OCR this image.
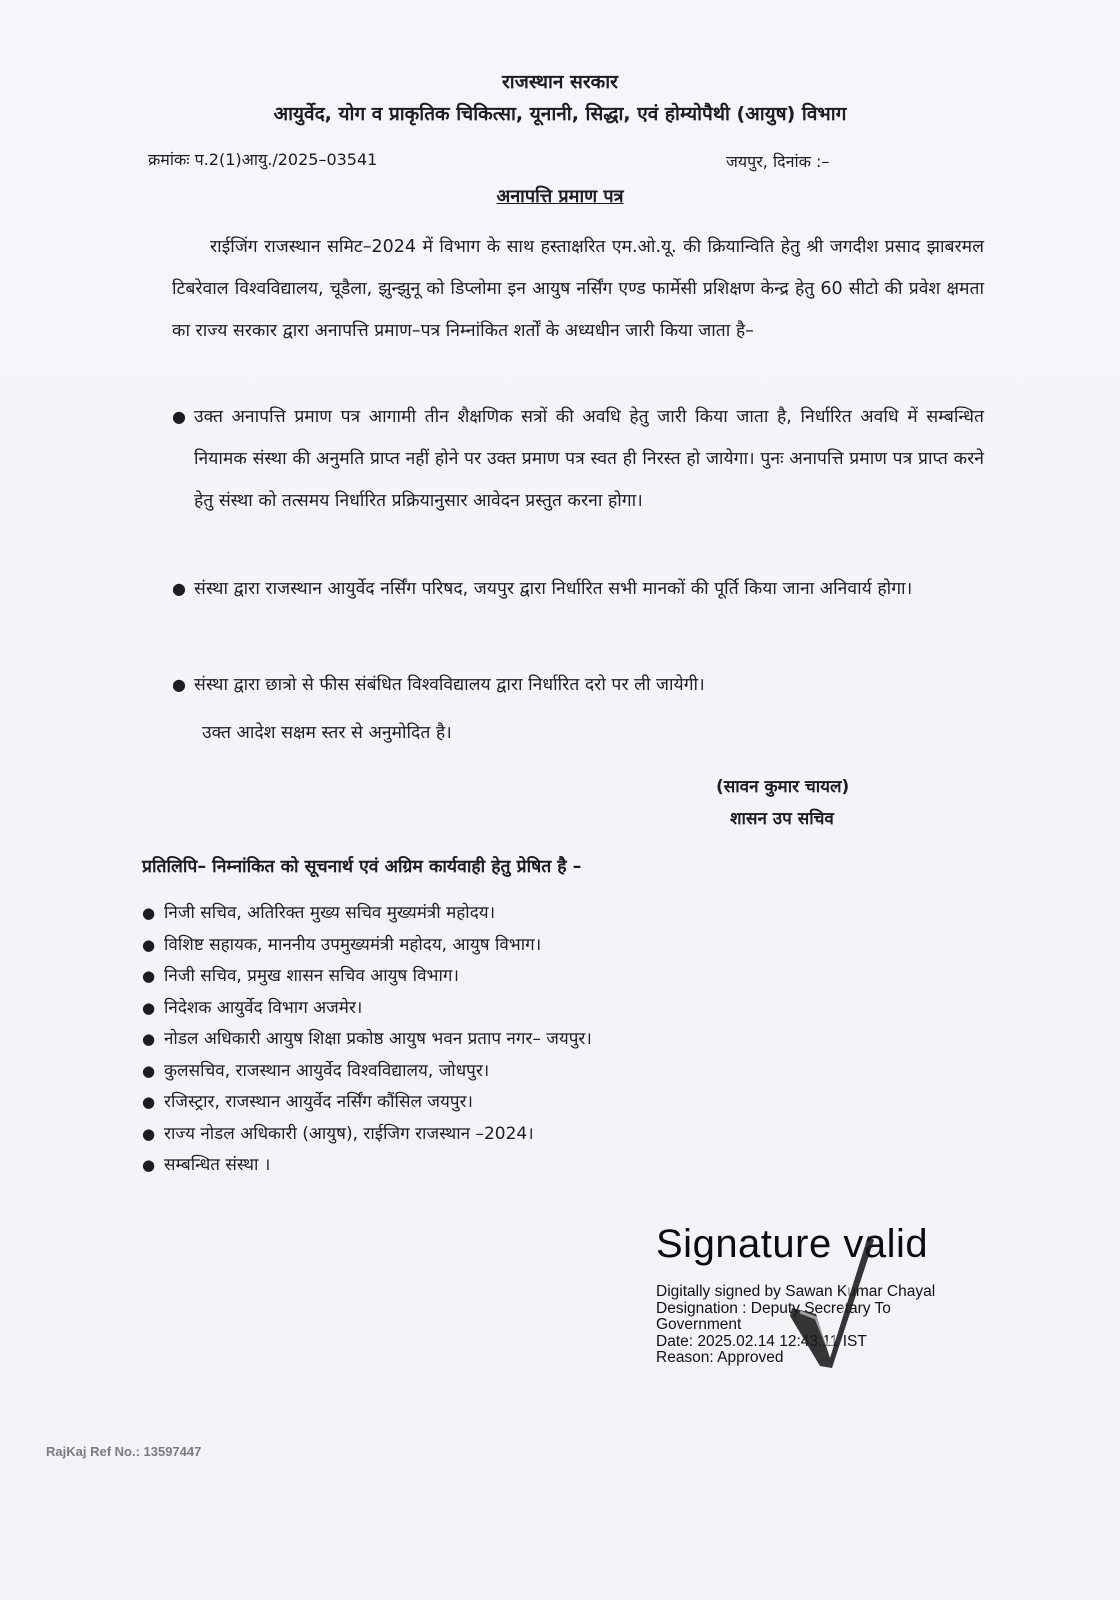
राजस्थान सरकार
आयुर्वेद, योग व प्राकृतिक चिकित्सा, यूनानी, सिद्धा, एवं होम्योपैथी (आयुष) विभाग
क्रमांकः प.2(1)आयु./2025–03541	जयपुर, दिनांक :–
अनापत्ति प्रमाण पत्र
राईजिंग राजस्थान समिट–2024 में विभाग के साथ हस्ताक्षरित एम.ओ.यू. की क्रियान्विति हेतु श्री जगदीश प्रसाद झाबरमल टिबरेवाल विश्वविद्यालय, चूडैला, झुन्झुनू को डिप्लोमा इन आयुष नर्सिंग एण्ड फार्मेसी प्रशिक्षण केन्द्र हेतु 60 सीटो की प्रवेश क्षमता का राज्य सरकार द्वारा अनापत्ति प्रमाण–पत्र निम्नांकित शर्तों के अध्यधीन जारी किया जाता है–
● उक्त अनापत्ति प्रमाण पत्र आगामी तीन शैक्षणिक सत्रों की अवधि हेतु जारी किया जाता है, निर्धारित अवधि में सम्बन्धित नियामक संस्था की अनुमति प्राप्त नहीं होने पर उक्त प्रमाण पत्र स्वत ही निरस्त हो जायेगा। पुनः अनापत्ति प्रमाण पत्र प्राप्त करने हेतु संस्था को तत्समय निर्धारित प्रक्रियानुसार आवेदन प्रस्तुत करना होगा।
● संस्था द्वारा राजस्थान आयुर्वेद नर्सिंग परिषद, जयपुर द्वारा निर्धारित सभी मानकों की पूर्ति किया जाना अनिवार्य होगा।
● संस्था द्वारा छात्रो से फीस संबंधित विश्वविद्यालय द्वारा निर्धारित दरो पर ली जायेगी।
उक्त आदेश सक्षम स्तर से अनुमोदित है।
(सावन कुमार चायल)
शासन उप सचिव
प्रतिलिपि– निम्नांकित को सूचनार्थ एवं अग्रिम कार्यवाही हेतु प्रेषित है –
● निजी सचिव, अतिरिक्त मुख्य सचिव मुख्यमंत्री महोदय।
● विशिष्ट सहायक, माननीय उपमुख्यमंत्री महोदय, आयुष विभाग।
● निजी सचिव, प्रमुख शासन सचिव आयुष विभाग।
● निदेशक आयुर्वेद विभाग अजमेर।
● नोडल अधिकारी आयुष शिक्षा प्रकोष्ठ आयुष भवन प्रताप नगर– जयपुर।
● कुलसचिव, राजस्थान आयुर्वेद विश्वविद्यालय, जोधपुर।
● रजिस्ट्रार, राजस्थान आयुर्वेद नर्सिंग कौंसिल जयपुर।
● राज्य नोडल अधिकारी (आयुष), राईजिग राजस्थान –2024।
● सम्बन्धित संस्था ।
Signature valid
Digitally signed by Sawan Kumar Chayal
Designation : Deputy Secretary To
Government
Date: 2025.02.14 12:43:11 IST
Reason: Approved
RajKaj Ref No.: 13597447
